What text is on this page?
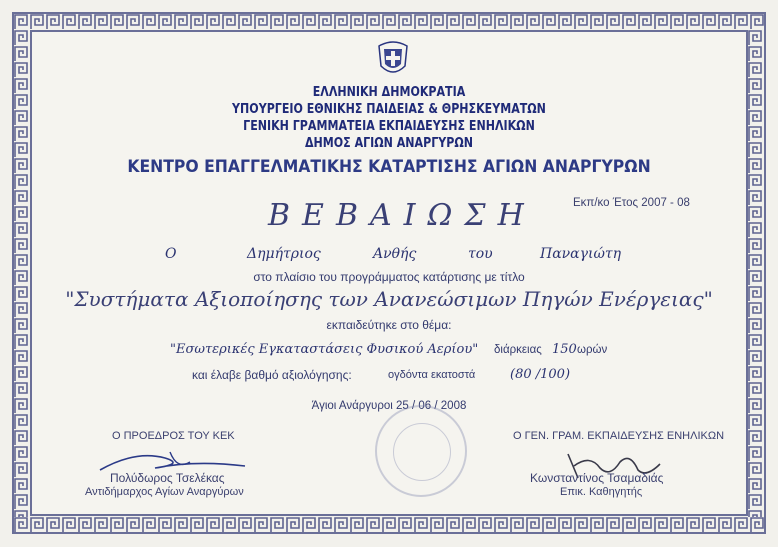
ΕΛΛΗΝΙΚΗ ΔΗΜΟΚΡΑΤΙΑ
ΥΠΟΥΡΓΕΙΟ ΕΘΝΙΚΗΣ ΠΑΙΔΕΙΑΣ & ΘΡΗΣΚΕΥΜΑΤΩΝ
ΓΕΝΙΚΗ ΓΡΑΜΜΑΤΕΙΑ ΕΚΠΑΙΔΕΥΣΗΣ ΕΝΗΛΙΚΩΝ
ΔΗΜΟΣ ΑΓΙΩΝ ΑΝΑΡΓΥΡΩΝ
ΚΕΝΤΡΟ ΕΠΑΓΓΕΛΜΑΤΙΚΗΣ ΚΑΤΑΡΤΙΣΗΣ ΑΓΙΩΝ ΑΝΑΡΓΥΡΩΝ
ΒΕΒΑΙΩΣΗ	Εκπ/κο Έτος 2007 - 08
Ο	Δημήτριος	Ανθής	του	Παναγιώτη
στο πλαίσιο του προγράμματος κατάρτισης με τίτλο
"Συστήματα Αξιοποίησης των Ανανεώσιμων Πηγών Ενέργειας"
εκπαιδεύτηκε στο θέμα:
"Εσωτερικές Εγκαταστάσεις Φυσικού Αερίου" διάρκειας 150 ωρών
και έλαβε βαθμό αξιολόγησης:	ογδόντα εκατοστά	(80 /100)
Άγιοι Ανάργυροι 25 / 06 / 2008
Ο ΠΡΟΕΔΡΟΣ ΤΟΥ ΚΕΚ
Πολύδωρος Τσελέκας
Αντιδήμαρχος Αγίων Αναργύρων
Ο ΓΕΝ. ΓΡΑΜ. ΕΚΠΑΙΔΕΥΣΗΣ ΕΝΗΛΙΚΩΝ
Κωνσταντίνος Τσαμαδιάς
Επικ. Καθηγητής
